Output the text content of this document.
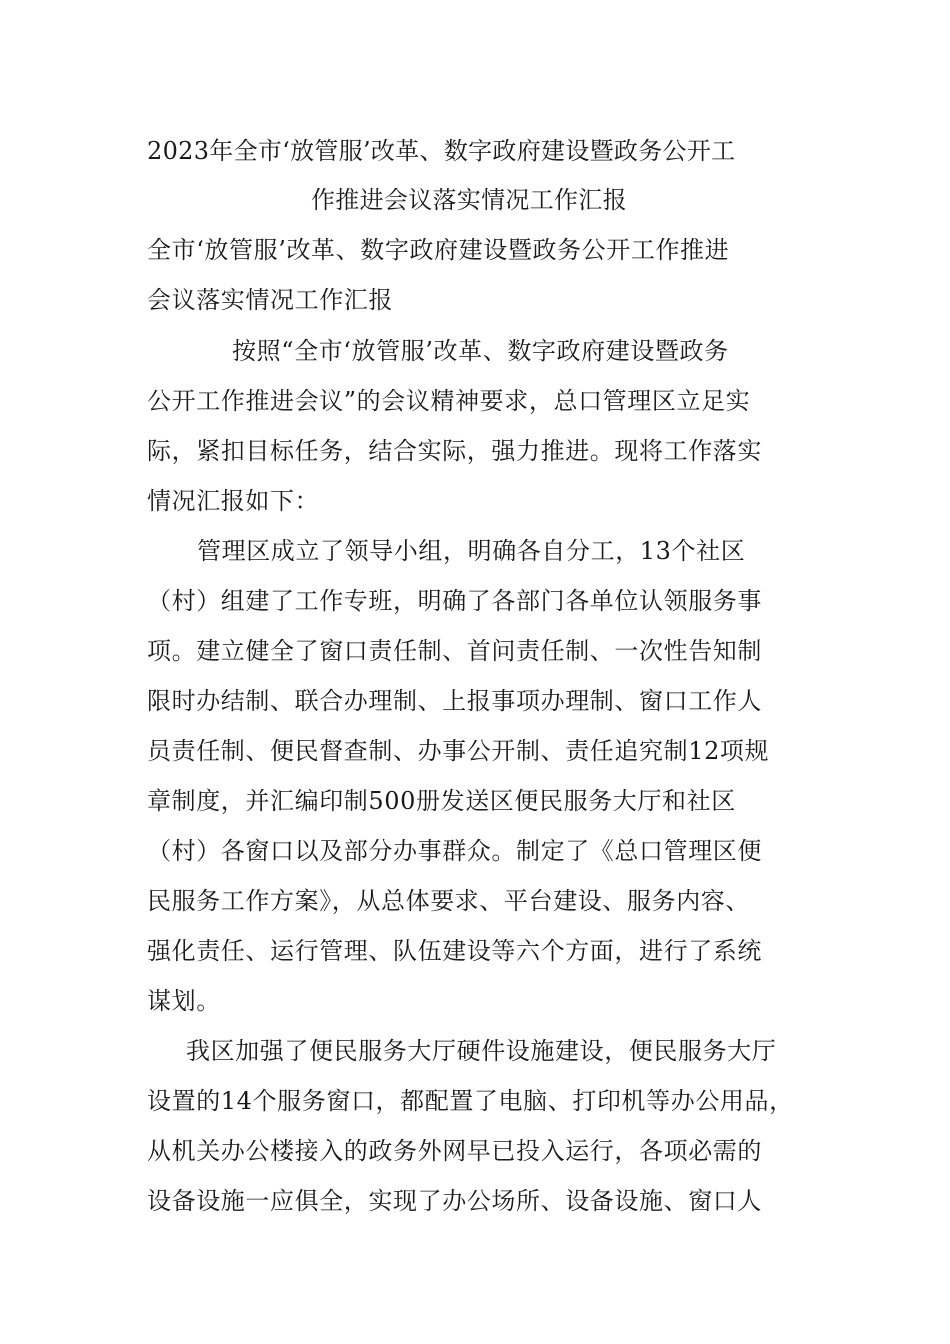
2023年全市‘放管服’改革、数字政府建设暨政务公开工
作推进会议落实情况工作汇报
全市‘放管服’改革、数字政府建设暨政务公开工作推进
会议落实情况工作汇报
按照“全市‘放管服’改革、数字政府建设暨政务
公开工作推进会议”的会议精神要求，总口管理区立足实
际，紧扣目标任务，结合实际，强力推进。现将工作落实
情况汇报如下：
管理区成立了领导小组，明确各自分工，13个社区
（村）组建了工作专班，明确了各部门各单位认领服务事
项。建立健全了窗口责任制、首问责任制、一次性告知制
限时办结制、联合办理制、上报事项办理制、窗口工作人
员责任制、便民督查制、办事公开制、责任追究制12项规
章制度，并汇编印制500册发送区便民服务大厅和社区
（村）各窗口以及部分办事群众。制定了《总口管理区便
民服务工作方案》，从总体要求、平台建设、服务内容、
强化责任、运行管理、队伍建设等六个方面，进行了系统
谋划。
我区加强了便民服务大厅硬件设施建设，便民服务大厅
设置的14个服务窗口，都配置了电脑、打印机等办公用品，
从机关办公楼接入的政务外网早已投入运行，各项必需的
设备设施一应俱全，实现了办公场所、设备设施、窗口人
